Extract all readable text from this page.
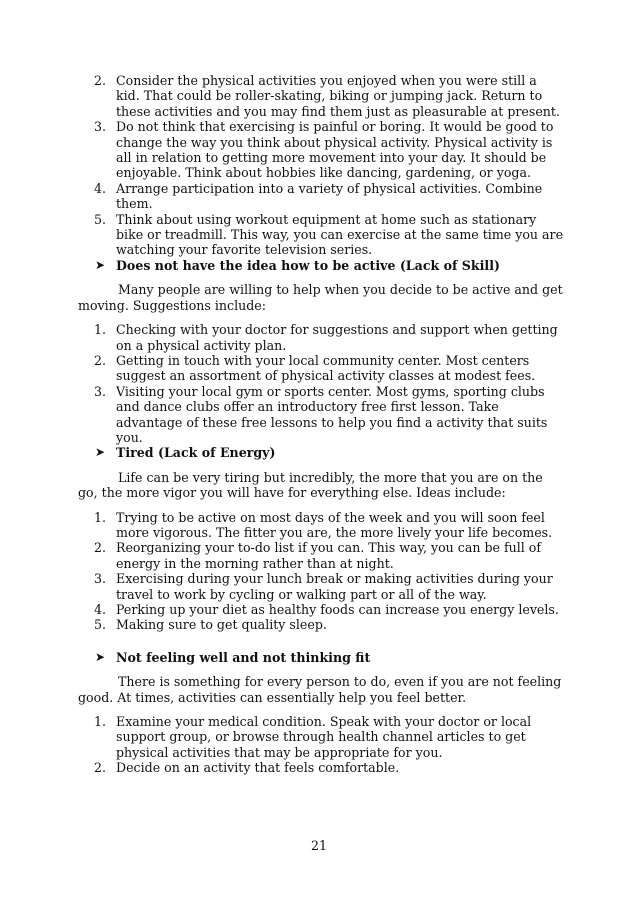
2. Consider the physical activities you enjoyed when you were still a kid. That could be roller-skating, biking or jumping jack. Return to these activities and you may find them just as pleasurable at present.
3. Do not think that exercising is painful or boring. It would be good to change the way you think about physical activity. Physical activity is all in relation to getting more movement into your day. It should be enjoyable. Think about hobbies like dancing, gardening, or yoga.
4. Arrange participation into a variety of physical activities. Combine them.
5. Think about using workout equipment at home such as stationary bike or treadmill. This way, you can exercise at the same time you are watching your favorite television series.
➤ Does not have the idea how to be active (Lack of Skill)

Many people are willing to help when you decide to be active and get moving. Suggestions include:

1. Checking with your doctor for suggestions and support when getting on a physical activity plan.
2. Getting in touch with your local community center. Most centers suggest an assortment of physical activity classes at modest fees.
3. Visiting your local gym or sports center. Most gyms, sporting clubs and dance clubs offer an introductory free first lesson. Take advantage of these free lessons to help you find a activity that suits you.
➤ Tired (Lack of Energy)

Life can be very tiring but incredibly, the more that you are on the go, the more vigor you will have for everything else. Ideas include:

1. Trying to be active on most days of the week and you will soon feel more vigorous. The fitter you are, the more lively your life becomes.
2. Reorganizing your to-do list if you can. This way, you can be full of energy in the morning rather than at night.
3. Exercising during your lunch break or making activities during your travel to work by cycling or walking part or all of the way.
4. Perking up your diet as healthy foods can increase you energy levels.
5. Making sure to get quality sleep.
➤ Not feeling well and not thinking fit

There is something for every person to do, even if you are not feeling good. At times, activities can essentially help you feel better.

1. Examine your medical condition. Speak with your doctor or local support group, or browse through health channel articles to get physical activities that may be appropriate for you.
2. Decide on an activity that feels comfortable.
21
